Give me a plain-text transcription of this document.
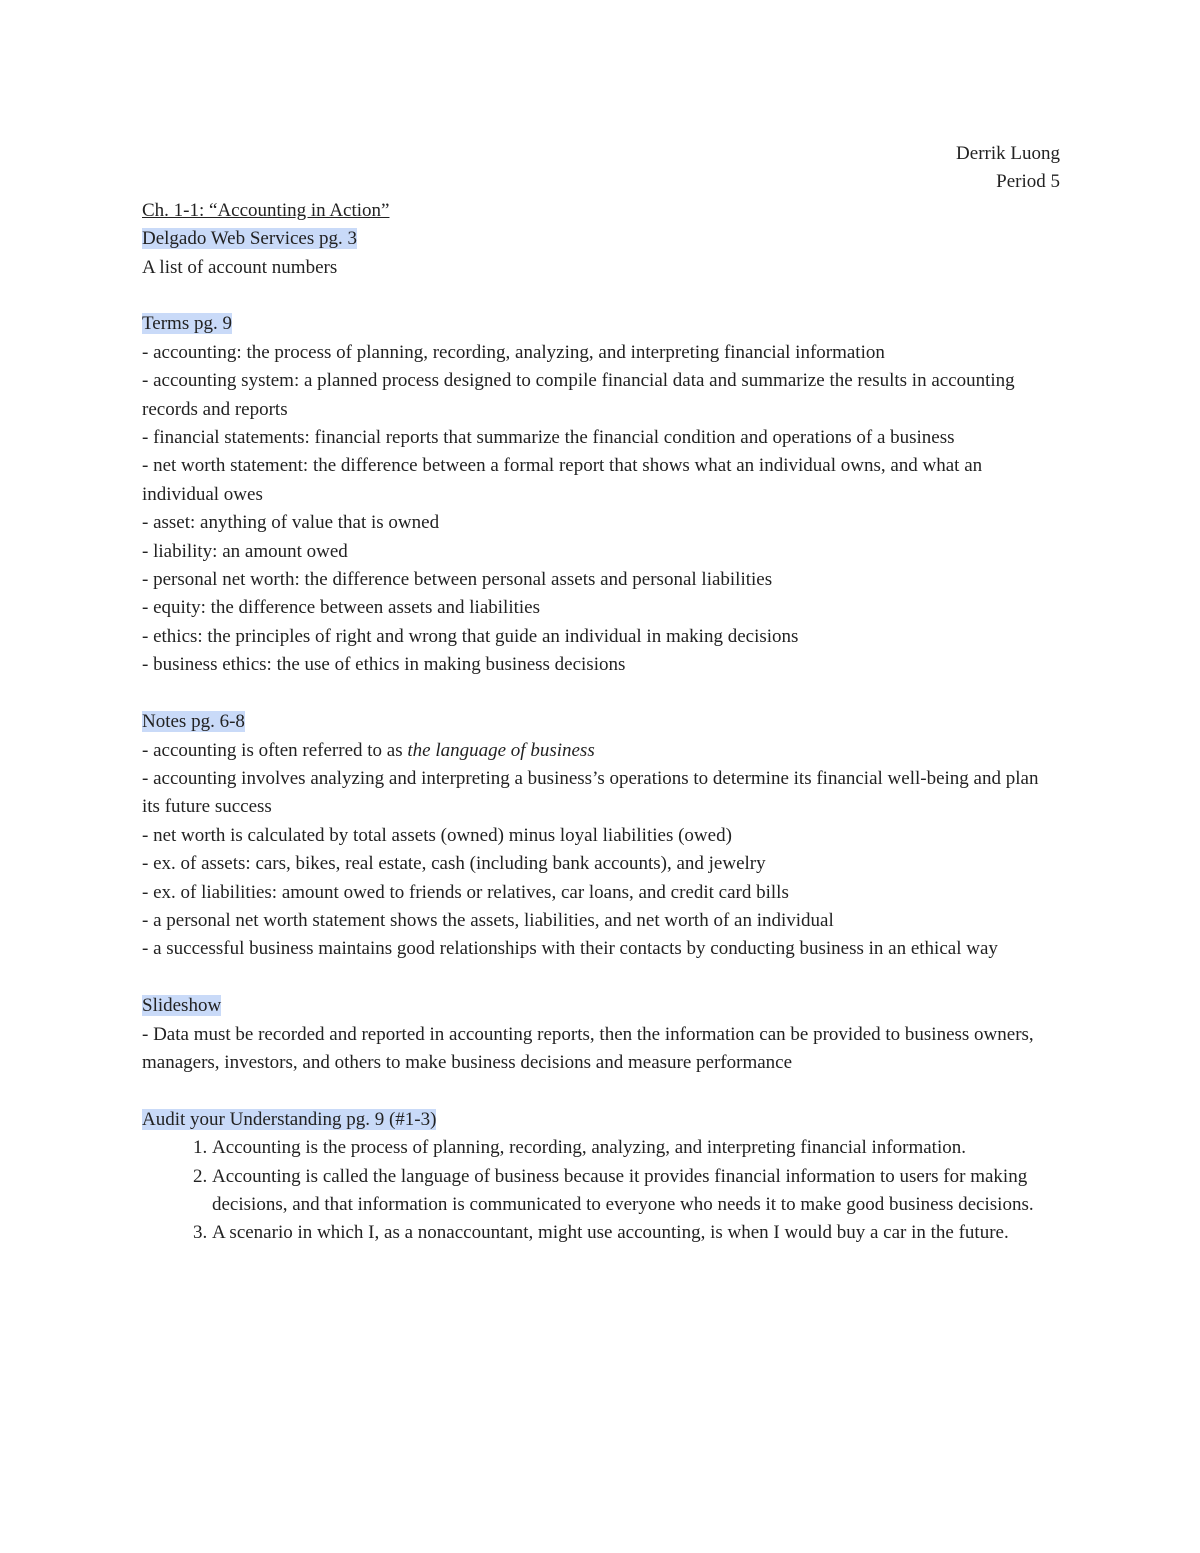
Derrik Luong

Period 5

Ch. 1-1: “Accounting in Action”

Delgado Web Services pg. 3

A list of account numbers

Terms pg. 9

- accounting: the process of planning, recording, analyzing, and interpreting financial information

- accounting system: a planned process designed to compile financial data and summarize the results in accounting records and reports

- financial statements: financial reports that summarize the financial condition and operations of a business

- net worth statement: the difference between a formal report that shows what an individual owns, and what an individual owes

- asset: anything of value that is owned

- liability: an amount owed

- personal net worth: the difference between personal assets and personal liabilities

- equity: the difference between assets and liabilities

- ethics: the principles of right and wrong that guide an individual in making decisions

- business ethics: the use of ethics in making business decisions

Notes pg. 6-8

- accounting is often referred to as the language of business

- accounting involves analyzing and interpreting a business’s operations to determine its financial well-being and plan its future success

- net worth is calculated by total assets (owned) minus loyal liabilities (owed)

- ex. of assets: cars, bikes, real estate, cash (including bank accounts), and jewelry

- ex. of liabilities: amount owed to friends or relatives, car loans, and credit card bills

- a personal net worth statement shows the assets, liabilities, and net worth of an individual

- a successful business maintains good relationships with their contacts by conducting business in an ethical way

Slideshow

- Data must be recorded and reported in accounting reports, then the information can be provided to business owners, managers, investors, and others to make business decisions and measure performance

Audit your Understanding pg. 9 (#1-3)

1. Accounting is the process of planning, recording, analyzing, and interpreting financial information.
2. Accounting is called the language of business because it provides financial information to users for making decisions, and that information is communicated to everyone who needs it to make good business decisions.
3. A scenario in which I, as a nonaccountant, might use accounting, is when I would buy a car in the future.
